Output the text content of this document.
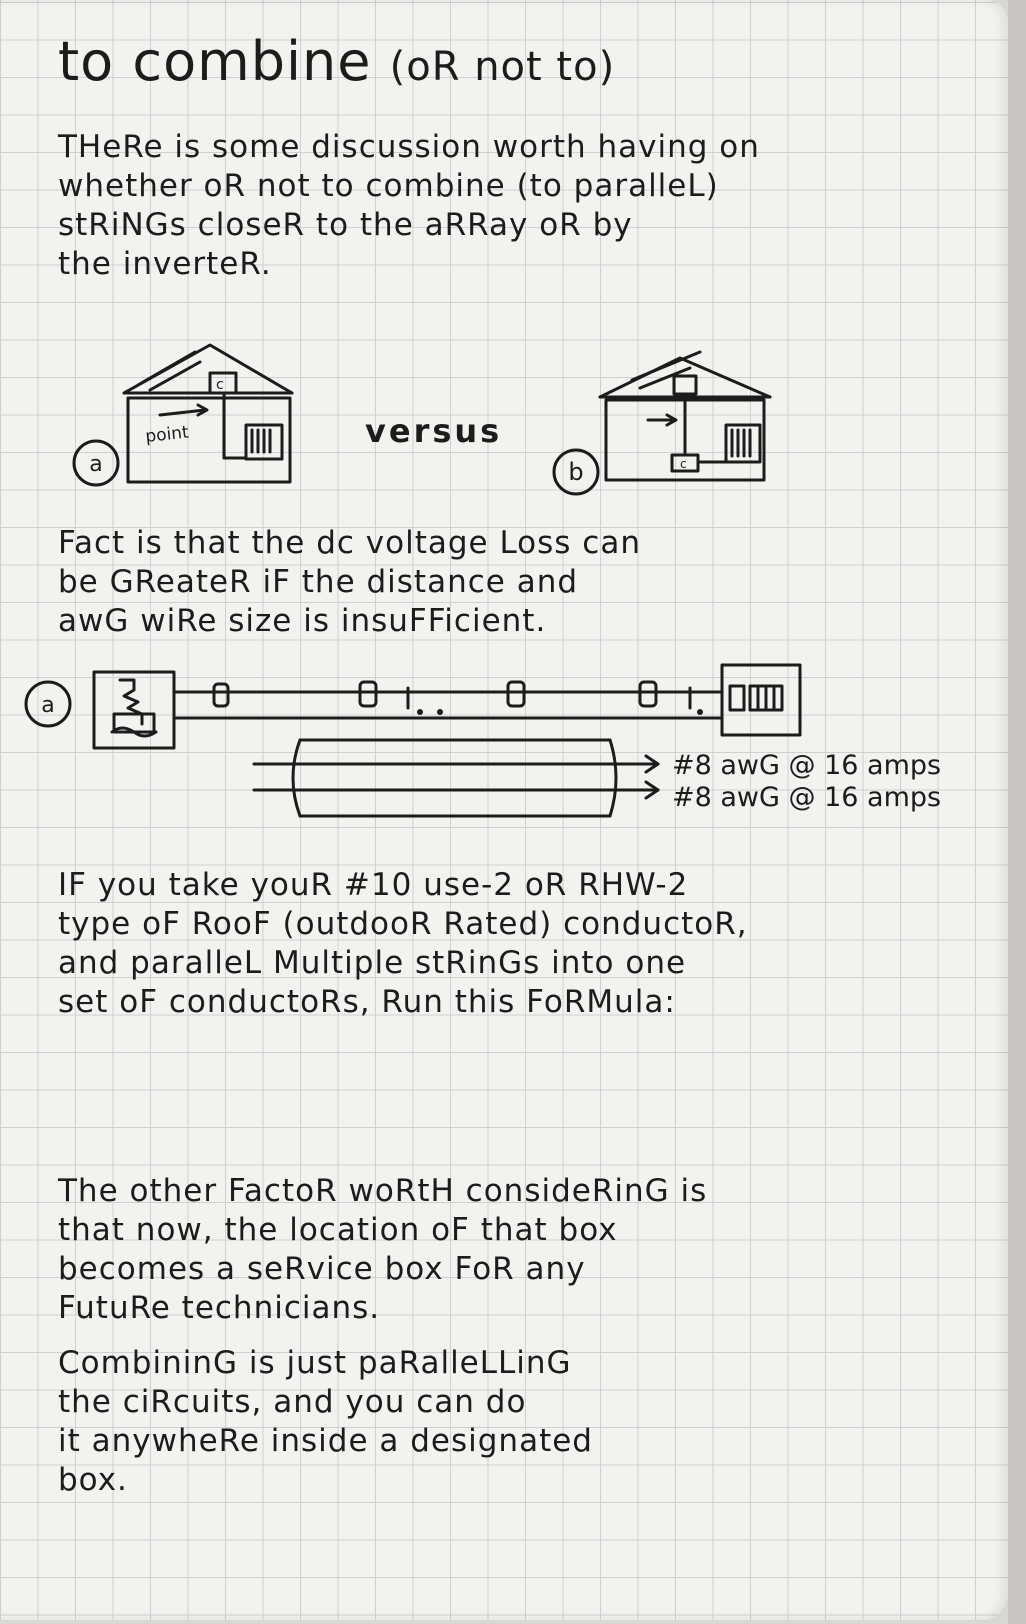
to combine (oR not to)

THeRe is some discussion worth having on
whether oR not to combine (to paralleL)
stRiNGs closeR to the aRRay oR by
the inverteR.

a	b
point
c
c
versus

Fact is that the dc voltage Loss can
be GReateR iF the distance and
awG wiRe size is insuFFicient.

a
#8 awG @ 16 amps
#8 awG @ 16 amps

IF you take youR #10 use-2 oR RHW-2
type oF RooF (outdooR Rated) conductoR,
and paralleL Multiple stRinGs into one
set oF conductoRs, Run this FoRMula:

The other FactoR woRtH consideRinG is
that now, the location oF that box
becomes a seRvice box FoR any
FutuRe technicians.

CombininG is just paRalleLLinG
the ciRcuits, and you can do
it anywheRe inside a designated
box.
